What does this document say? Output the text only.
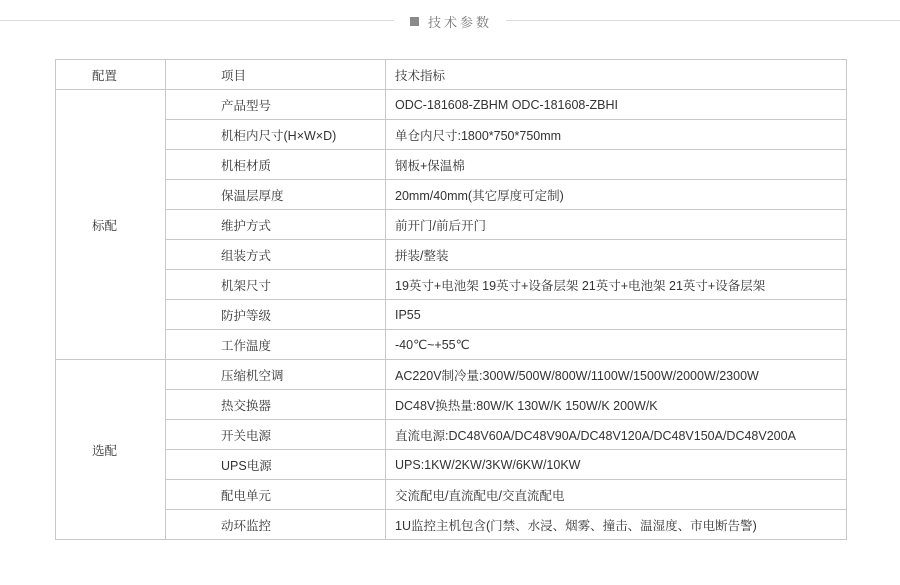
技术参数
配置	项目	技术指标
标配	产品型号	ODC-181608-ZBHM ODC-181608-ZBHI
	机柜内尺寸(H×W×D)	单仓内尺寸:1800*750*750mm
	机柜材质	钢板+保温棉
	保温层厚度	20mm/40mm(其它厚度可定制)
	维护方式	前开门/前后开门
	组装方式	拼装/整装
	机架尺寸	19英寸+电池架 19英寸+设备层架 21英寸+电池架 21英寸+设备层架
	防护等级	IP55
	工作温度	-40℃~+55℃
选配	压缩机空调	AC220V制冷量:300W/500W/800W/1100W/1500W/2000W/2300W
	热交换器	DC48V换热量:80W/K 130W/K 150W/K 200W/K
	开关电源	直流电源:DC48V60A/DC48V90A/DC48V120A/DC48V150A/DC48V200A
	UPS电源	UPS:1KW/2KW/3KW/6KW/10KW
	配电单元	交流配电/直流配电/交直流配电
	动环监控	1U监控主机包含(门禁、水浸、烟雾、撞击、温湿度、市电断告警)
